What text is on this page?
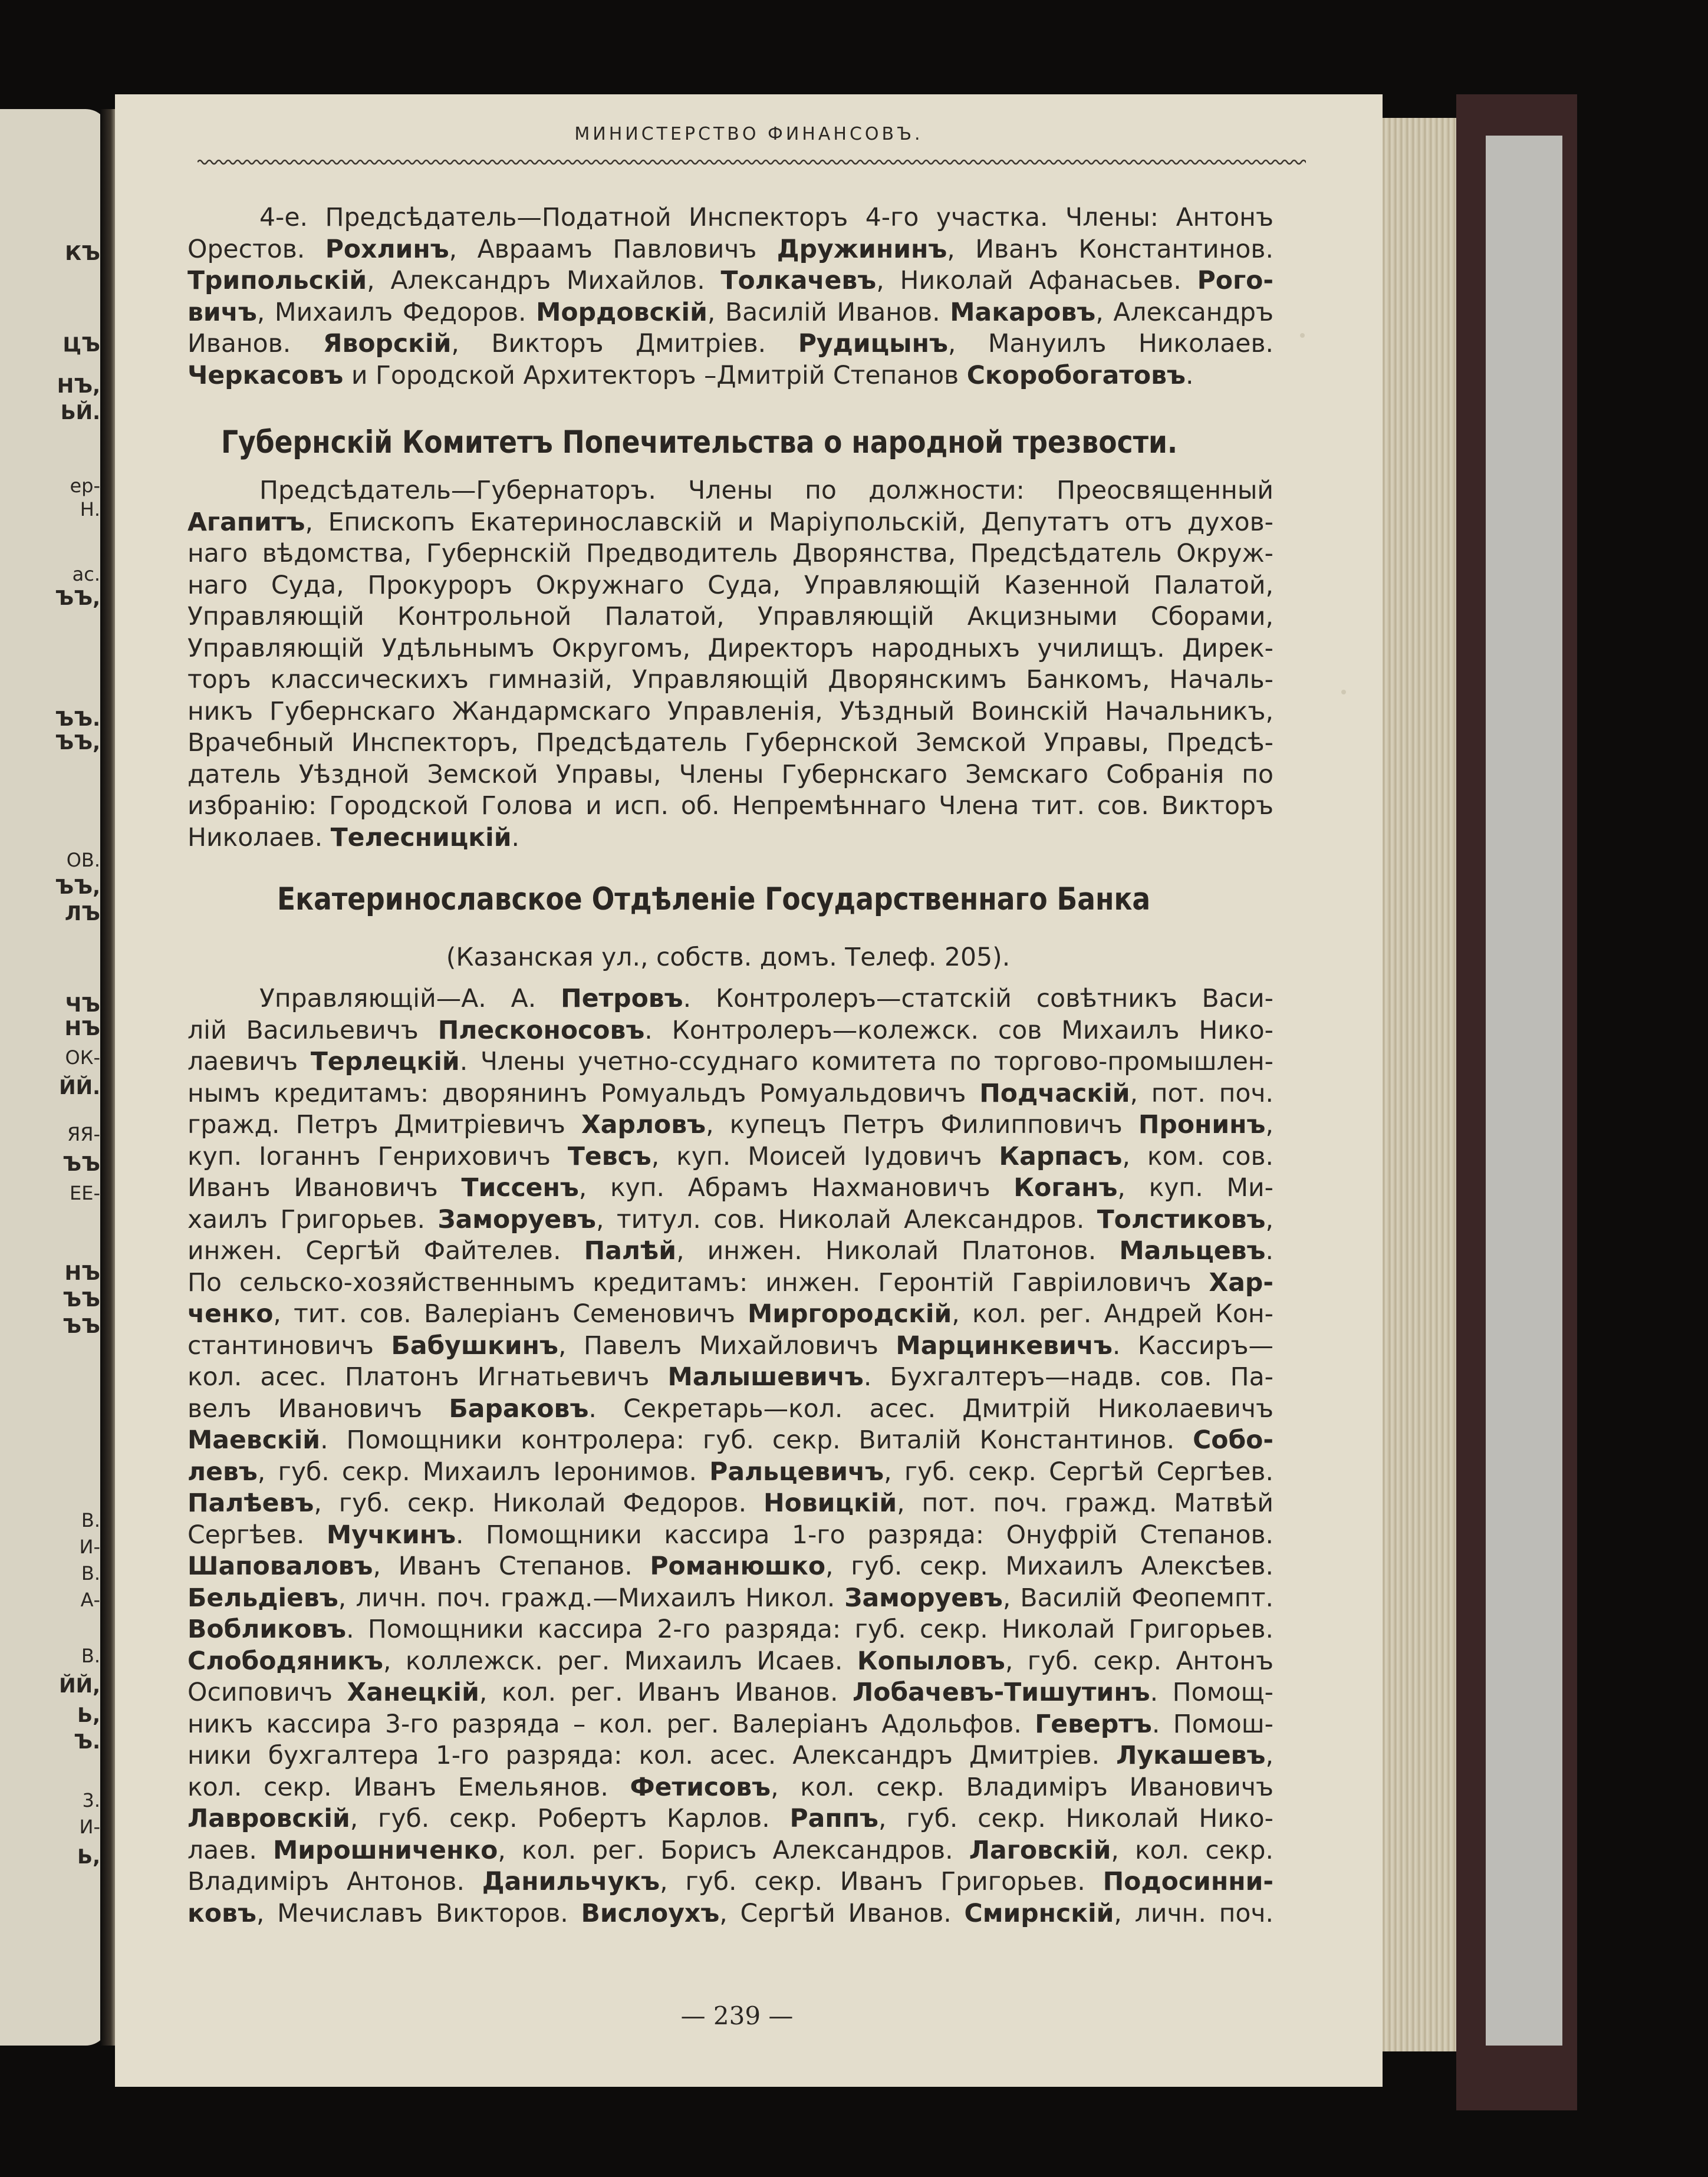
КЪ
ЦЪ
НЪ,
ЬЙ.
ер-
Н.
ас.
ЪЪ,
ЪЪ.
ЪЪ,
ОВ.
ЪЪ,
ЛЪ
ЧЪ
НЪ
ОК-
ЙЙ.
ЯЯ-
ЪЪ
ЕЕ-
НЪ
ЪЪ
ЪЪ
В.
И-
В.
А-
В.
ЙЙ,
Ь,
Ъ.
3.
И-
Ь,
МИНИСТЕРСТВО ФИНАНСОВЪ.
4-е. Предсѣдатель—Податной Инспекторъ 4-го участка. Члены: Антонъ
Орестов. Рохлинъ, Авраамъ Павловичъ Дружининъ, Иванъ Константинов.
Трипольскій, Александръ Михайлов. Толкачевъ, Николай Афанасьев. Рого-
вичъ, Михаилъ Федоров. Мордовскій, Василій Иванов. Макаровъ, Александръ
Иванов. Яворскій, Викторъ Дмитріев. Рудицынъ, Мануилъ Николаев.
Черкасовъ и Городской Архитекторъ –Дмитрій Степанов Скоробогатовъ.
Предсѣдатель—Губернаторъ. Члены по должности: Преосвященный
Агапитъ, Епископъ Екатеринославскій и Маріупольскій, Депутатъ отъ духов-
наго вѣдомства, Губернскій Предводитель Дворянства, Предсѣдатель Окруж-
наго Суда, Прокуроръ Окружнаго Суда, Управляющій Казенной Палатой,
Управляющій Контрольной Палатой, Управляющій Акцизными Сборами,
Управляющій Удѣльнымъ Округомъ, Директоръ народныхъ училищъ. Дирек-
торъ классическихъ гимназій, Управляющій Дворянскимъ Банкомъ, Началь-
никъ Губернскаго Жандармскаго Управленія, Уѣздный Воинскій Начальникъ,
Врачебный Инспекторъ, Предсѣдатель Губернской Земской Управы, Предсѣ-
датель Уѣздной Земской Управы, Члены Губернскаго Земскаго Собранія по
избранію: Городской Голова и исп. об. Непремѣннаго Члена тит. сов. Викторъ
Николаев. Телесницкій.
Управляющій—А. А. Петровъ. Контролеръ—статскій совѣтникъ Васи-
лій Васильевичъ Плесконосовъ. Контролеръ—колежск. сов Михаилъ Нико-
лаевичъ Терлецкій. Члены учетно-ссуднаго комитета по торгово-промышлен-
нымъ кредитамъ: дворянинъ Ромуальдъ Ромуальдовичъ Подчаскій, пот. поч.
гражд. Петръ Дмитріевичъ Харловъ, купецъ Петръ Филипповичъ Пронинъ,
куп. Іоганнъ Генриховичъ Тевсъ, куп. Моисей Іудовичъ Карпасъ, ком. сов.
Иванъ Ивановичъ Тиссенъ, куп. Абрамъ Нахмановичъ Коганъ, куп. Ми-
хаилъ Григорьев. Заморуевъ, титул. сов. Николай Александров. Толстиковъ,
инжен. Сергѣй Файтелев. Палѣй, инжен. Николай Платонов. Мальцевъ.
По сельско-хозяйственнымъ кредитамъ: инжен. Геронтій Гавріиловичъ Хар-
ченко, тит. сов. Валеріанъ Семеновичъ Миргородскій, кол. рег. Андрей Кон-
стантиновичъ Бабушкинъ, Павелъ Михайловичъ Марцинкевичъ. Кассиръ—
кол. асес. Платонъ Игнатьевичъ Малышевичъ. Бухгалтеръ—надв. сов. Па-
велъ Ивановичъ Бараковъ. Секретарь—кол. асес. Дмитрій Николаевичъ
Маевскій. Помощники контролера: губ. секр. Виталій Константинов. Собо-
левъ, губ. секр. Михаилъ Іеронимов. Ральцевичъ, губ. секр. Сергѣй Сергѣев.
Палѣевъ, губ. секр. Николай Федоров. Новицкій, пот. поч. гражд. Матвѣй
Сергѣев. Мучкинъ. Помощники кассира 1-го разряда: Онуфрій Степанов.
Шаповаловъ, Иванъ Степанов. Романюшко, губ. секр. Михаилъ Алексѣев.
Бельдіевъ, личн. поч. гражд.—Михаилъ Никол. Заморуевъ, Василій Феопемпт.
Вобликовъ. Помощники кассира 2-го разряда: губ. секр. Николай Григорьев.
Слободяникъ, коллежск. рег. Михаилъ Исаев. Копыловъ, губ. секр. Антонъ
Осиповичъ Ханецкій, кол. рег. Иванъ Иванов. Лобачевъ-Тишутинъ. Помощ-
никъ кассира 3-го разряда – кол. рег. Валеріанъ Адольфов. Гевертъ. Помош-
ники бухгалтера 1-го разряда: кол. асес. Александръ Дмитріев. Лукашевъ,
кол. секр. Иванъ Емельянов. Фетисовъ, кол. секр. Владиміръ Ивановичъ
Лавровскій, губ. секр. Робертъ Карлов. Раппъ, губ. секр. Николай Нико-
лаев. Мирошниченко, кол. рег. Борисъ Александров. Лаговскій, кол. секр.
Владиміръ Антонов. Данильчукъ, губ. секр. Иванъ Григорьев. Подосинни-
ковъ, Мечиславъ Викторов. Вислоухъ, Сергѣй Иванов. Смирнскій, личн. поч.
Губернскій Комитетъ Попечительства о народной трезвости.
Екатеринославское Отдѣленіе Государственнаго Банка
(Казанская ул., собств. домъ. Телеф. 205).
— 239 —
